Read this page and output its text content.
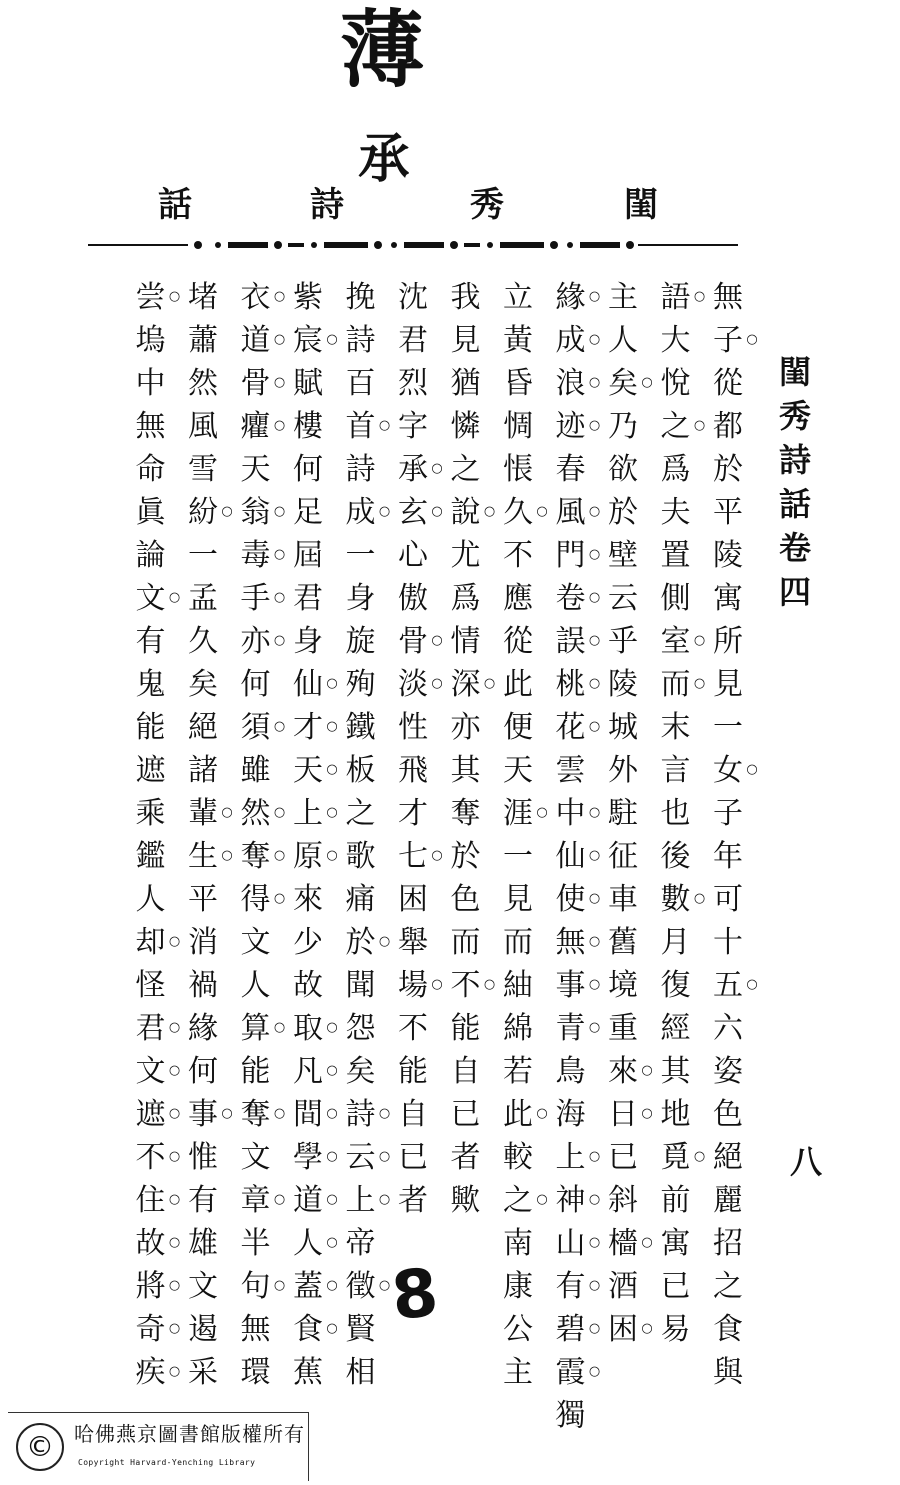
薄
𠄘
閨
秀
詩
話
無
子 ○
從
都
於
平
陵
寓
所
見
一
女 ○
子
年
可
十
五 ○
六
姿
色
絕
麗
招
之
食
與
語 ○
大
悅
之 ○
爲
夫
置
側
室 ○
而 ○
末
言
也
後
數 ○
月
復
經
其
地
覓 ○
前
寓
已
易
主
人
矣 ○
乃
欲
於
壁
云
乎
陵
城
外
駐
征
車
舊
境
重
來 ○
日 ○
已
斜
檣 ○
酒
困 ○
緣 ○
成 ○
浪 ○
迹 ○
春
風 ○
門 ○
卷 ○
誤 ○
桃 ○
花 ○
雲
中 ○
仙 ○
使 ○
無 ○
事 ○
青 ○
鳥
海
上 ○
神 ○
山 ○
有 ○
碧 ○
霞 ○
獨
立
黃
昏
惆
悵
久 ○
不
應
從
此
便
天
涯 ○
一
見
而
紬
綿
若
此 ○
較
之 ○
南
康
公
主
我
見
猶
憐
之
說 ○
尤
爲
情
深 ○
亦
其
奪
於
色
而
不 ○
能
自
已
者
歟
沈
君
烈
字
承 ○
玄 ○
心
傲
骨 ○
淡 ○
性
飛
才
七 ○
困
舉
場 ○
不
能
自
已
者
挽
詩
百
首 ○
詩
成 ○
一
身
旋
殉
鐵
板
之
歌
痛
於 ○
聞
怨
矣
詩 ○
云 ○
上 ○
帝
徵 ○
賢
相
紫
宸 ○
賦
樓
何
足
屆
君
身
仙 ○
才 ○
天 ○
上 ○
原 ○
來
少
故
取 ○
凡 ○
間 ○
學 ○
道 ○
人 ○
蓋 ○
食 ○
蕉
衣 ○
道 ○
骨 ○
癯 ○
天
翁 ○
毒 ○
手 ○
亦 ○
何
須 ○
雖
然 ○
奪 ○
得 ○
文
人
算 ○
能
奪 ○
文
章 ○
半
句 ○
無
環
堵
蕭
然
風
雪
紛 ○
一
孟
久
矣
絕
諸
輩 ○
生 ○
平
消
禍
緣
何
事 ○
惟
有
雄
文
遏
采
尝 ○
塢
中
無
命
眞
論
文 ○
有
鬼
能
遮
乘
鑑
人
却 ○
怪
君 ○
文 ○
遮 ○
不 ○
住 ○
故 ○
將 ○
奇 ○
疾 ○
閨
秀
詩
話
卷
四
八
8
©	哈佛燕京圖書館版權所有
Copyright Harvard-Yenching Library
